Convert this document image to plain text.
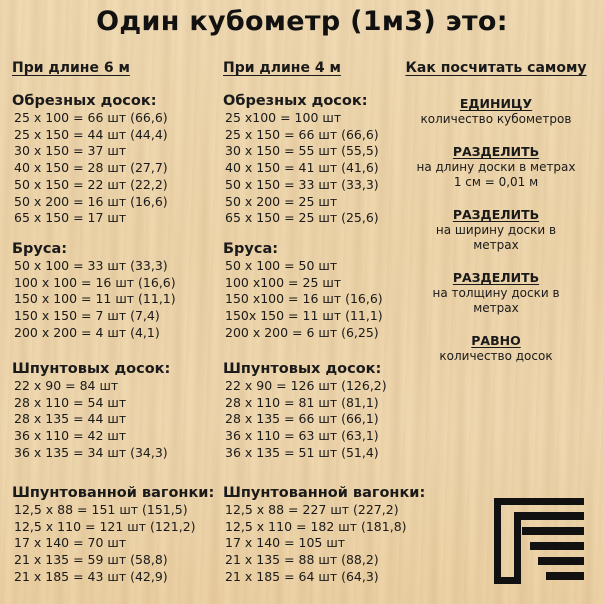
Один кубометр (1м3) это:
При длине 6 м
Обрезных досок:
25 х 100 = 66 шт (66,6)
25 х 150 = 44 шт (44,4)
30 х 150 = 37 шт
40 х 150 = 28 шт (27,7)
50 х 150 = 22 шт (22,2)
50 х 200 = 16 шт (16,6)
65 х 150 = 17 шт
Бруса:
50 х 100 = 33 шт (33,3)
100 х 100 = 16 шт (16,6)
150 х 100 = 11 шт (11,1)
150 х 150 = 7 шт (7,4)
200 х 200 = 4 шт (4,1)
Шпунтовых досок:
22 х 90 = 84 шт
28 х 110 = 54 шт
28 х 135 = 44 шт
36 х 110 = 42 шт
36 х 135 = 34 шт (34,3)
Шпунтованной вагонки:
12,5 х 88 = 151 шт (151,5)
12,5 х 110 = 121 шт (121,2)
17 х 140 = 70 шт
21 х 135 = 59 шт (58,8)
21 х 185 = 43 шт (42,9)
При длине 4 м
Обрезных досок:
25 х100 = 100 шт
25 х 150 = 66 шт (66,6)
30 х 150 = 55 шт (55,5)
40 х 150 = 41 шт (41,6)
50 х 150 = 33 шт (33,3)
50 х 200 = 25 шт
65 х 150 = 25 шт (25,6)
Бруса:
50 х 100 = 50 шт
100 х100 = 25 шт
150 х100 = 16 шт (16,6)
150х 150 = 11 шт (11,1)
200 х 200 = 6 шт (6,25)
Шпунтовых досок:
22 х 90 = 126 шт (126,2)
28 х 110 = 81 шт (81,1)
28 х 135 = 66 шт (66,1)
36 х 110 = 63 шт (63,1)
36 х 135 = 51 шт (51,4)
Шпунтованной вагонки:
12,5 х 88 = 227 шт (227,2)
12,5 х 110 = 182 шт (181,8)
17 х 140 = 105 шт
21 х 135 = 88 шт (88,2)
21 х 185 = 64 шт (64,3)
Как посчитать самому
ЕДИНИЦУ
количество кубометров
РАЗДЕЛИТЬ
на длину доски в метрах
1 см = 0,01 м
РАЗДЕЛИТЬ
на ширину доски в
метрах
РАЗДЕЛИТЬ
на толщину доски в
метрах
РАВНО
количество досок
